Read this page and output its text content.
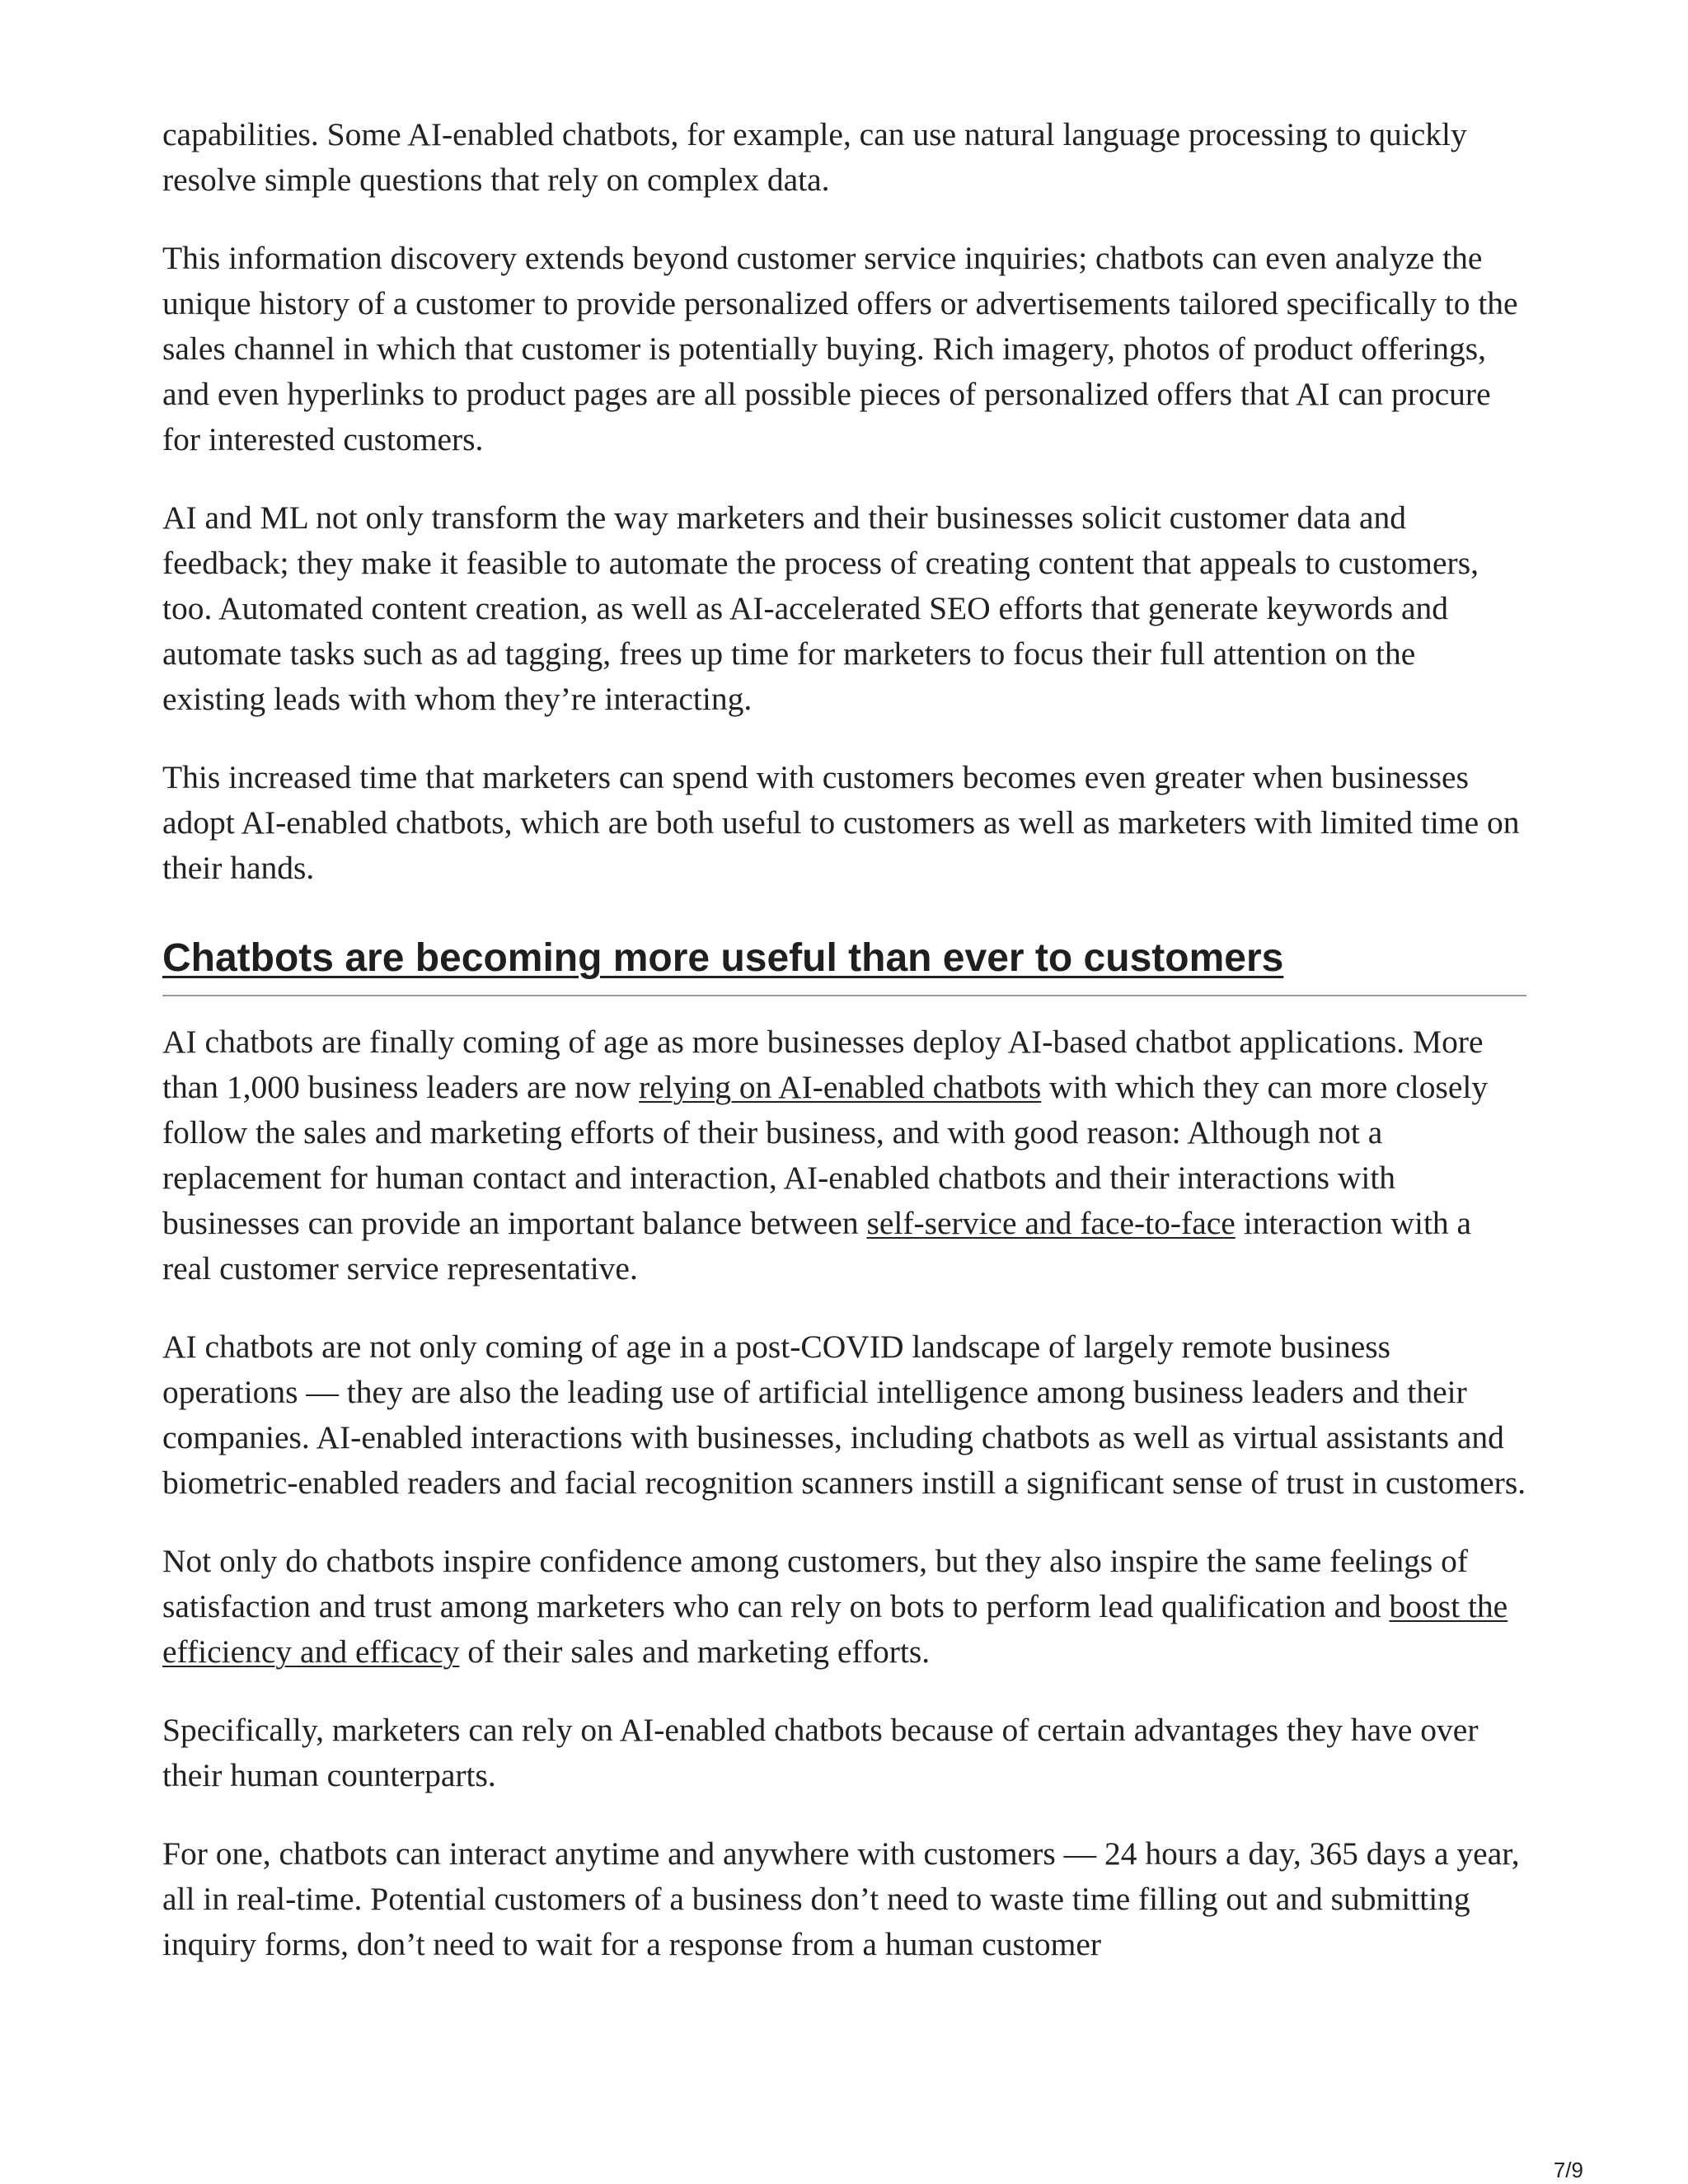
capabilities. Some AI-enabled chatbots, for example, can use natural language processing to quickly resolve simple questions that rely on complex data.

This information discovery extends beyond customer service inquiries; chatbots can even analyze the unique history of a customer to provide personalized offers or advertisements tailored specifically to the sales channel in which that customer is potentially buying. Rich imagery, photos of product offerings, and even hyperlinks to product pages are all possible pieces of personalized offers that AI can procure for interested customers.

AI and ML not only transform the way marketers and their businesses solicit customer data and feedback; they make it feasible to automate the process of creating content that appeals to customers, too. Automated content creation, as well as AI-accelerated SEO efforts that generate keywords and automate tasks such as ad tagging, frees up time for marketers to focus their full attention on the existing leads with whom they’re interacting.

This increased time that marketers can spend with customers becomes even greater when businesses adopt AI-enabled chatbots, which are both useful to customers as well as marketers with limited time on their hands.

Chatbots are becoming more useful than ever to customers

AI chatbots are finally coming of age as more businesses deploy AI-based chatbot applications. More than 1,000 business leaders are now relying on AI-enabled chatbots with which they can more closely follow the sales and marketing efforts of their business, and with good reason: Although not a replacement for human contact and interaction, AI-enabled chatbots and their interactions with businesses can provide an important balance between self-service and face-to-face interaction with a real customer service representative.

AI chatbots are not only coming of age in a post-COVID landscape of largely remote business operations — they are also the leading use of artificial intelligence among business leaders and their companies. AI-enabled interactions with businesses, including chatbots as well as virtual assistants and biometric-enabled readers and facial recognition scanners instill a significant sense of trust in customers.

Not only do chatbots inspire confidence among customers, but they also inspire the same feelings of satisfaction and trust among marketers who can rely on bots to perform lead qualification and boost the efficiency and efficacy of their sales and marketing efforts.

Specifically, marketers can rely on AI-enabled chatbots because of certain advantages they have over their human counterparts.

For one, chatbots can interact anytime and anywhere with customers — 24 hours a day, 365 days a year, all in real-time. Potential customers of a business don’t need to waste time filling out and submitting inquiry forms, don’t need to wait for a response from a human customer

7/9
